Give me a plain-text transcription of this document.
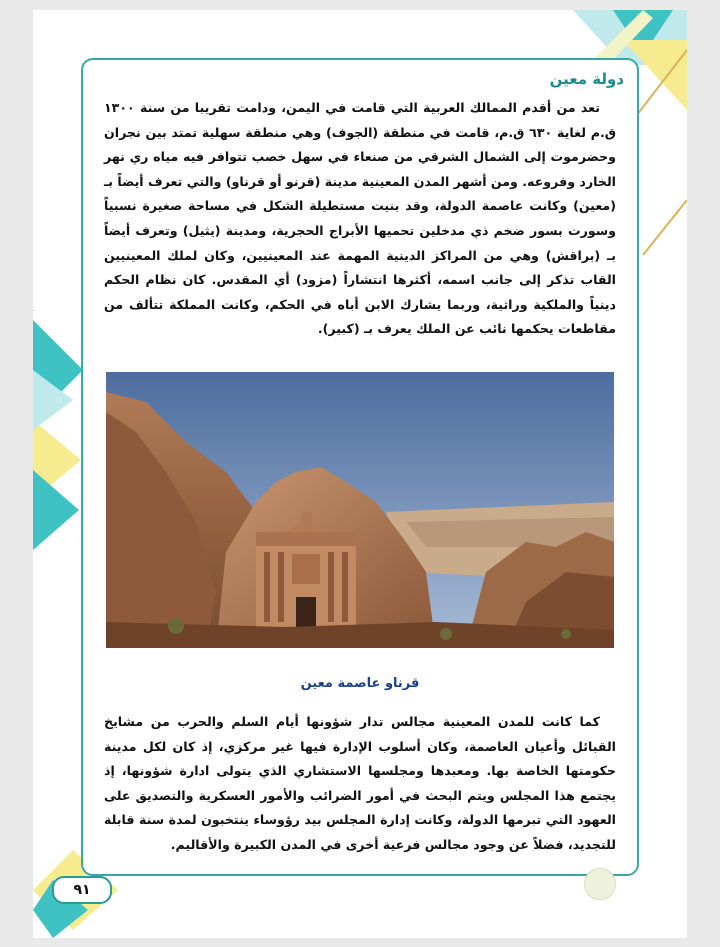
دولة معين

تعد من أقدم الممالك العربية التي قامت في اليمن، ودامت تقريبا من سنة ١٣٠٠ ق.م لغاية ٦٣٠ ق.م، قامت في منطقة (الجوف) وهي منطقة سهلية تمتد بين نجران وحضرموت إلى الشمال الشرقي من صنعاء في سهل خصب تتوافر فيه مياه ري نهر الخارد وفروعه. ومن أشهر المدن المعينية مدينة (قرنو أو قرناو) والتي تعرف أيضاً بـ (معين) وكانت عاصمة الدولة، وقد بنيت مستطيلة الشكل في مساحة صغيرة نسبياً وسورت بسور ضخم ذي مدخلين تحميها الأبراج الحجرية، ومدينة (يثيل) وتعرف أيضاً بـ (براقش) وهي من المراكز الدينية المهمة عند المعينيين، وكان لملك المعينيين القاب تذكر إلى جانب اسمه، أكثرها انتشاراً (مزود) أي المقدس. كان نظام الحكم دينياً والملكية وراثية، وربما يشارك الابن أباه في الحكم، وكانت المملكة تتألف من مقاطعات يحكمها نائب عن الملك يعرف بـ (كبير).

قرناو عاصمة معين

كما كانت للمدن المعينية مجالس تدار شؤونها أيام السلم والحرب من مشايخ القبائل وأعيان العاصمة، وكان أسلوب الإدارة فيها غير مركزي، إذ كان لكل مدينة حكومتها الخاصة بها. ومعبدها ومجلسها الاستشاري الذي يتولى ادارة شؤونها، إذ يجتمع هذا المجلس ويتم البحث في أمور الضرائب والأمور العسكرية والتصديق على العهود التي تبرمها الدولة، وكانت إدارة المجلس بيد رؤوساء ينتخبون لمدة سنة قابلة للتجديد، فضلاً عن وجود مجالس فرعية أخرى في المدن الكبيرة والأقاليم.

٩١
